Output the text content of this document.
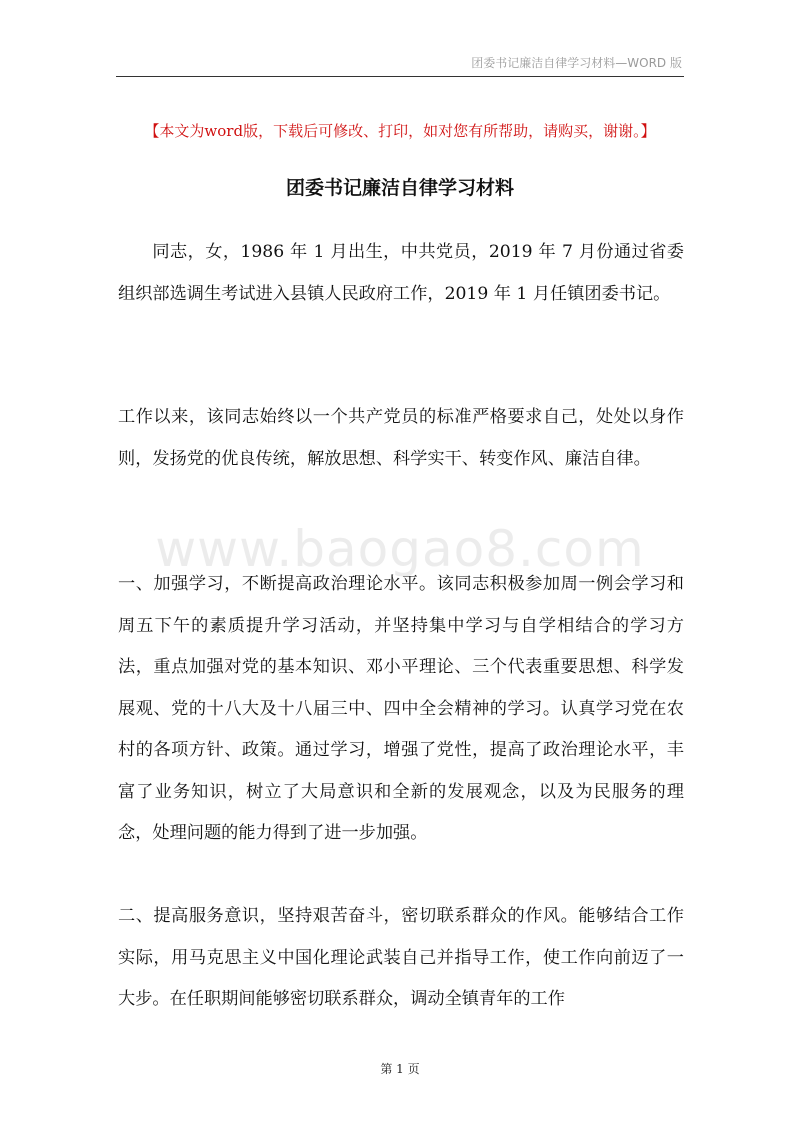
www.baogao8.com
团委书记廉洁自律学习材料—WORD 版
【本文为word版，下载后可修改、打印，如对您有所帮助，请购买，谢谢。】
团委书记廉洁自律学习材料

同志，女，1986 年 1 月出生，中共党员，2019 年 7 月份通过省委组织部选调生考试进入县镇人民政府工作，2019 年 1 月任镇团委书记。

工作以来，该同志始终以一个共产党员的标准严格要求自己，处处以身作则，发扬党的优良传统，解放思想、科学实干、转变作风、廉洁自律。

一、加强学习，不断提高政治理论水平。该同志积极参加周一例会学习和周五下午的素质提升学习活动，并坚持集中学习与自学相结合的学习方法，重点加强对党的基本知识、邓小平理论、三个代表重要思想、科学发展观、党的十八大及十八届三中、四中全会精神的学习。认真学习党在农村的各项方针、政策。通过学习，增强了党性，提高了政治理论水平，丰富了业务知识，树立了大局意识和全新的发展观念，以及为民服务的理念，处理问题的能力得到了进一步加强。

二、提高服务意识，坚持艰苦奋斗，密切联系群众的作风。能够结合工作实际，用马克思主义中国化理论武装自己并指导工作，使工作向前迈了一大步。在任职期间能够密切联系群众，调动全镇青年的工作

第 1 页
